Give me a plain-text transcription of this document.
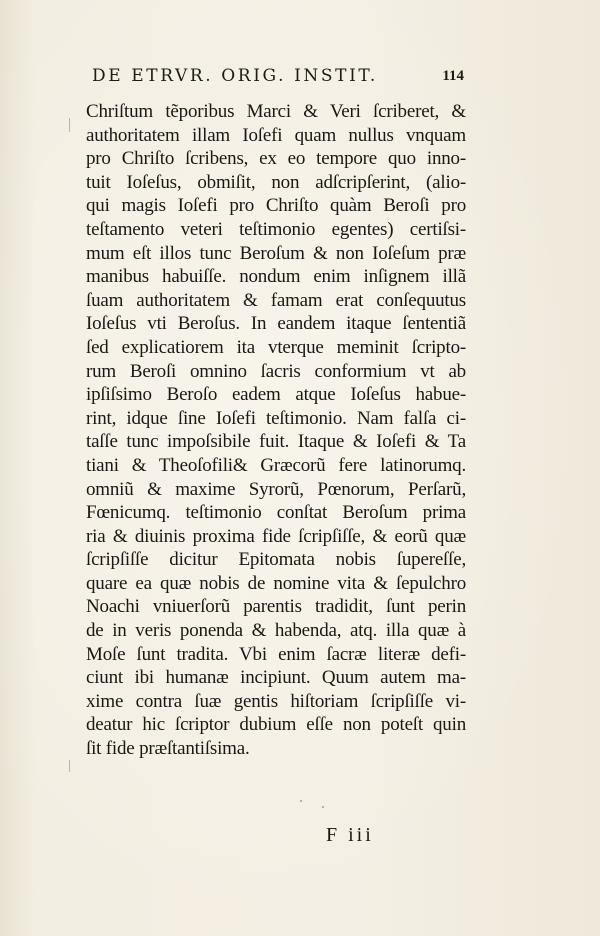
DE ETRVR. ORIG. INSTIT.	114
Chriſtum tẽporibus Marci & Veri ſcriberet, &
authoritatem illam Ioſefi quam nullus vnquam
pro Chriſto ſcribens, ex eo tempore quo inno-
tuit Ioſeſus, obmiſit, non adſcripſerint, (alio-
qui magis Ioſefi pro Chriſto quàm Beroſi pro
teſtamento veteri teſtimonio egentes) certiſsi-
mum eſt illos tunc Beroſum & non Ioſeſum præ
manibus habuiſſe. nondum enim inſignem illã
ſuam authoritatem & famam erat conſequutus
Ioſeſus vti Beroſus. In eandem itaque ſententiã
ſed explicatiorem ita vterque meminit ſcripto-
rum Beroſi omnino ſacris conformium vt ab
ipſiſsimo Beroſo eadem atque Ioſeſus habue-
rint, idque ſine Ioſefi teſtimonio. Nam falſa ci-
taſſe tunc impoſsibile fuit. Itaque & Ioſefi & Ta
tiani & Theoſofili& Græcorũ fere latinorumq.
omniũ & maxime Syrorũ, Pœnorum, Perſarũ,
Fœnicumq. teſtimonio conſtat Beroſum prima
ria & diuinis proxima fide ſcripſiſſe, & eorũ quæ
ſcripſiſſe dicitur Epitomata nobis ſupereſſe,
quare ea quæ nobis de nomine vita & ſepulchro
Noachi vniuerſorũ parentis tradidit, ſunt perin
de in veris ponenda & habenda, atq. illa quæ à
Moſe ſunt tradita. Vbi enim ſacræ literæ defi-
ciunt ibi humanæ incipiunt. Quum autem ma-
xime contra ſuæ gentis hiſtoriam ſcripſiſſe vi-
deatur hic ſcriptor dubium eſſe non poteſt quin
ſit fide præſtantiſsima.
F iii
